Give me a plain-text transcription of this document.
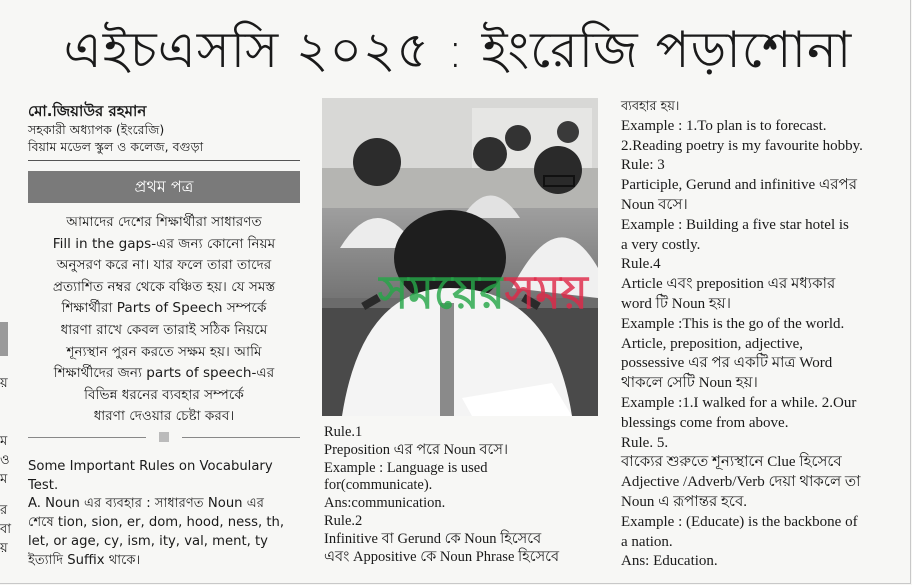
য়
ম
ও
ম
র
বা
য়
এইচএসসি ২০২৫ : ইংরেজি পড়াশোনা
মো.জিয়াউর রহমান
সহকারী অধ্যাপক (ইংরেজি)
বিয়াম মডেল স্কুল ও কলেজ, বগুড়া
প্রথম পত্র
আমাদের দেশের শিক্ষার্থীরা সাধারণত
Fill in the gaps-এর জন্য কোনো নিয়ম
অনুসরণ করে না। যার ফলে তারা তাদের
প্রত্যাশিত নম্বর থেকে বঞ্চিত হয়। যে সমস্ত
শিক্ষার্থীরা Parts of Speech সম্পর্কে
ধারণা রাখে কেবল তারাই সঠিক নিয়মে
শূন্যস্থান পুরন করতে সক্ষম হয়। আমি
শিক্ষার্থীদের জন্য parts of speech-এর
বিভিন্ন ধরনের ব্যবহার সম্পর্কে
ধারণা দেওয়ার চেষ্টা করব।
Some Important Rules on Vocabulary
Test.
A. Noun এর ব্যবহার : সাধারণত Noun এর
শেষে tion, sion, er, dom, hood, ness, th,
let, or age, cy, ism, ity, val, ment, ty
ইত্যাদি Suffix থাকে।
সময়েরসময়

Rule.1

Preposition এর পরে Noun বসে।

Example : Language is used

for(communicate).

Ans:communication.

Rule.2

Infinitive বা Gerund কে Noun হিসেবে

এবং Appositive কে Noun Phrase হিসেবে

ব্যবহার হয়।

Example : 1.To plan is to forecast.

2.Reading poetry is my favourite hobby.

Rule: 3

Participle, Gerund and infinitive এরপর

Noun বসে।

Example : Building a five star hotel is

a very costly.

Rule.4

Article এবং preposition এর মধ্যকার

word টি Noun হয়।

Example :This is the go of the world.

Article, preposition, adjective,

possessive এর পর একটি মাত্র Word

থাকলে সেটি Noun হয়।

Example :1.I walked for a while. 2.Our

blessings come from above.

Rule. 5.

বাক্যের শুরুতে শূন্যস্থানে Clue হিসেবে

Adjective /Adverb/Verb দেয়া থাকলে তা

Noun এ রূপান্তর হবে.

Example : (Educate) is the backbone of

a nation.

Ans: Education.
